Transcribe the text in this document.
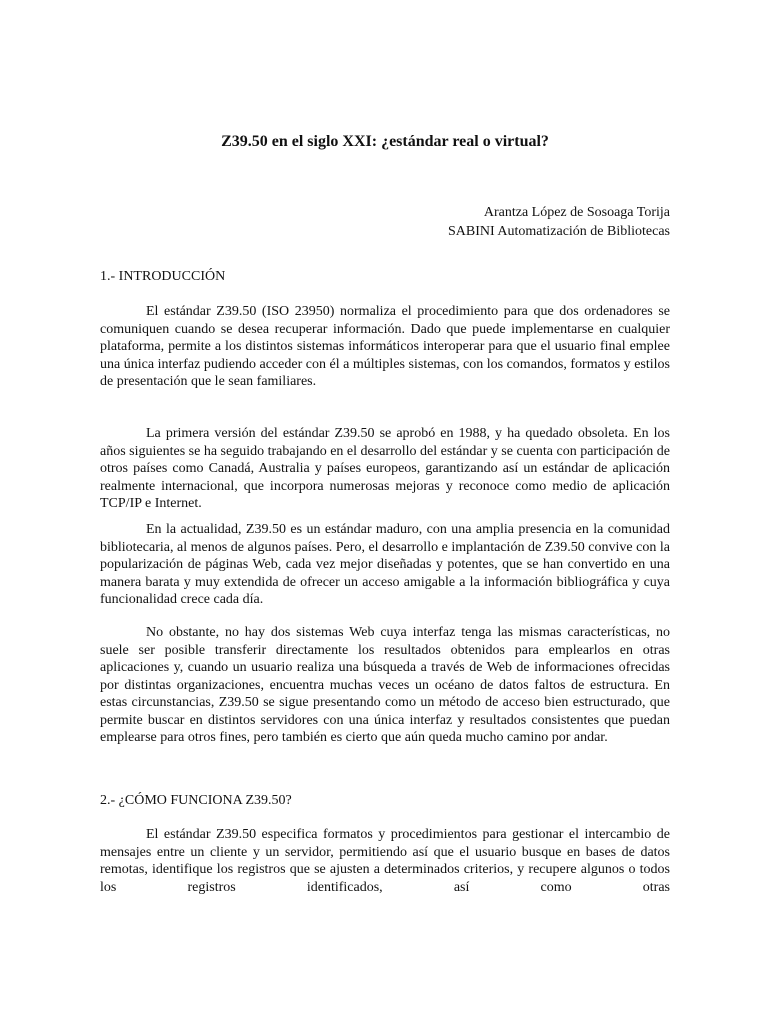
Z39.50 en el siglo XXI: ¿estándar real o virtual?
Arantza López de Sosoaga Torija
SABINI Automatización de Bibliotecas
1.- INTRODUCCIÓN

El estándar Z39.50 (ISO 23950) normaliza el procedimiento para que dos ordenadores se comuniquen cuando se desea recuperar información. Dado que puede implementarse en cualquier plataforma, permite a los distintos sistemas informáticos interoperar para que el usuario final emplee una única interfaz pudiendo acceder con él a múltiples sistemas, con los comandos, formatos y estilos de presentación que le sean familiares.

La primera versión del estándar Z39.50 se aprobó en 1988, y ha quedado obsoleta. En los años siguientes se ha seguido trabajando en el desarrollo del estándar y se cuenta con participación de otros países como Canadá, Australia y países europeos, garantizando así un estándar de aplicación realmente internacional, que incorpora numerosas mejoras y reconoce como medio de aplicación TCP/IP e Internet.

En la actualidad, Z39.50 es un estándar maduro, con una amplia presencia en la comunidad bibliotecaria, al menos de algunos países. Pero, el desarrollo e implantación de Z39.50 convive con la popularización de páginas Web, cada vez mejor diseñadas y potentes, que se han convertido en una manera barata y muy extendida de ofrecer un acceso amigable a la información bibliográfica y cuya funcionalidad crece cada día.

No obstante, no hay dos sistemas Web cuya interfaz tenga las mismas características, no suele ser posible transferir directamente los resultados obtenidos para emplearlos en otras aplicaciones y, cuando un usuario realiza una búsqueda a través de Web de informaciones ofrecidas por distintas organizaciones, encuentra muchas veces un océano de datos faltos de estructura. En estas circunstancias, Z39.50 se sigue presentando como un método de acceso bien estructurado, que permite buscar en distintos servidores con una única interfaz y resultados consistentes que puedan emplearse para otros fines, pero también es cierto que aún queda mucho camino por andar.

2.- ¿CÓMO FUNCIONA Z39.50?

El estándar Z39.50 especifica formatos y procedimientos para gestionar el intercambio de mensajes entre un cliente y un servidor, permitiendo así que el usuario busque en bases de datos remotas, identifique los registros que se ajusten a determinados criterios, y recupere algunos o todos los registros identificados, así como otras
